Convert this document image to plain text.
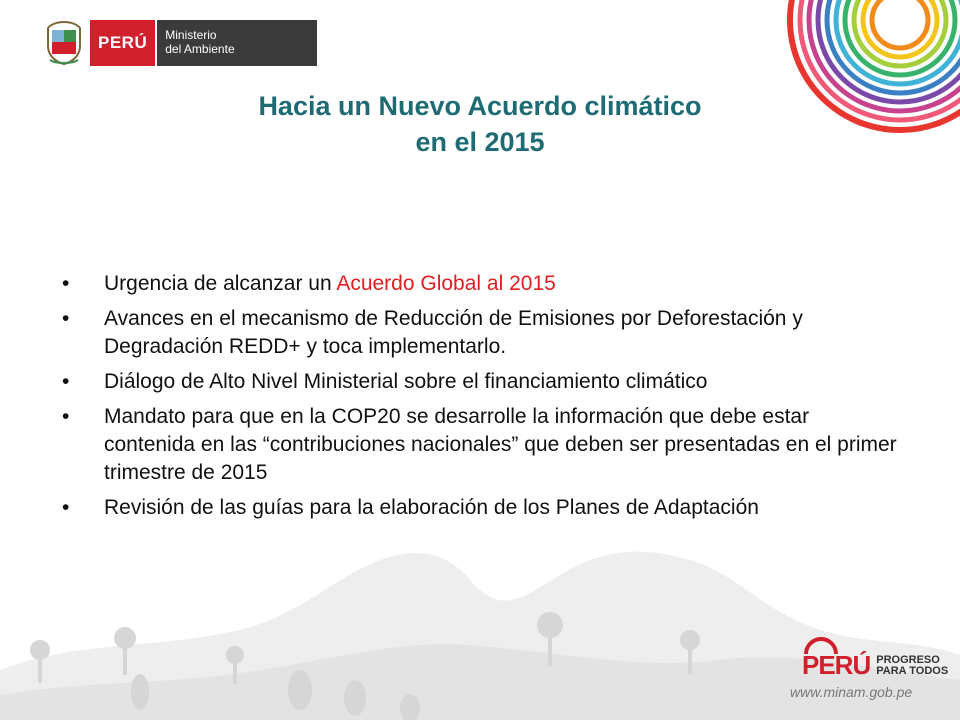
PERÚ	Ministerio
del Ambiente
Hacia un Nuevo Acuerdo climático
en el 2015
• Urgencia de alcanzar un Acuerdo Global al 2015
• Avances en el mecanismo de Reducción de Emisiones por Deforestación y Degradación REDD+ y toca implementarlo.
• Diálogo de Alto Nivel Ministerial sobre el financiamiento climático
• Mandato para que en la COP20 se desarrolle la información que debe estar contenida en las “contribuciones nacionales” que deben ser presentadas en el primer trimestre de 2015
• Revisión de las guías para la elaboración de los Planes de Adaptación
PERÚ PROGRESO
PARA TODOS
www.minam.gob.pe
